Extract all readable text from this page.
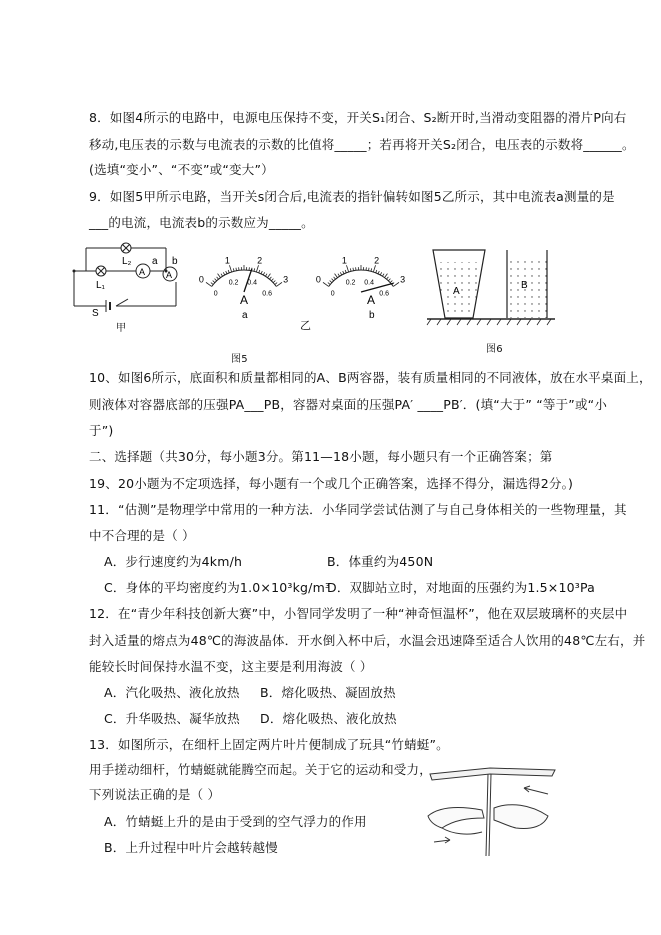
8．如图4所示的电路中，电源电压保持不变，开关S₁闭合、S₂断开时,当滑动变阻器的滑片P向右
移动,电压表的示数与电流表的示数的比值将_____；若再将开关S₂闭合，电压表的示数将______。
(选填“变小”、“不变”或“变大”）
9．如图5甲所示电路，当开关s闭合后,电流表的指针偏转如图5乙所示，其中电流表a测量的是
___的电流，电流表b的示数应为_____。
L₂
L₁
A A
a b
S
甲
0
1	2
3
0
0.2 0.4
0.6
A
a
乙
0
1	2
3
0
0.2 0.4
0.6
A
b
图5
A
B
图6
10、如图6所示，底面积和质量都相同的A、B两容器，装有质量相同的不同液体，放在水平桌面上，
则液体对容器底部的压强PA___PB，容器对桌面的压强PA′ ____PB′．(填“大于” “等于”或“小
于”)
二、选择题（共30分，每小题3分。第11—18小题，每小题只有一个正确答案；第
19、20小题为不定项选择，每小题有一个或几个正确答案，选择不得分，漏选得2分。)
11．“估测”是物理学中常用的一种方法．小华同学尝试估测了与自己身体相关的一些物理量，其
中不合理的是（ ）
A．步行速度约为4km/h	B．体重约为450N
C．身体的平均密度约为1.0×10³kg/m³
D．双脚站立时，对地面的压强约为1.5×10³Pa
12．在“青少年科技创新大赛”中，小智同学发明了一种“神奇恒温杯”，他在双层玻璃杯的夹层中
封入适量的熔点为48℃的海波晶体．开水倒入杯中后，水温会迅速降至适合人饮用的48℃左右，并
能较长时间保持水温不变，这主要是利用海波（ ）
A．汽化吸热、液化放热 B．熔化吸热、凝固放热
C．升华吸热、凝华放热 D．熔化吸热、液化放热
13．如图所示，在细杆上固定两片叶片便制成了玩具“竹蜻蜓”。
用手搓动细杆，竹蜻蜓就能腾空而起。关于它的运动和受力，
下列说法正确的是（ ）
A．竹蜻蜓上升的是由于受到的空气浮力的作用
B．上升过程中叶片会越转越慢
